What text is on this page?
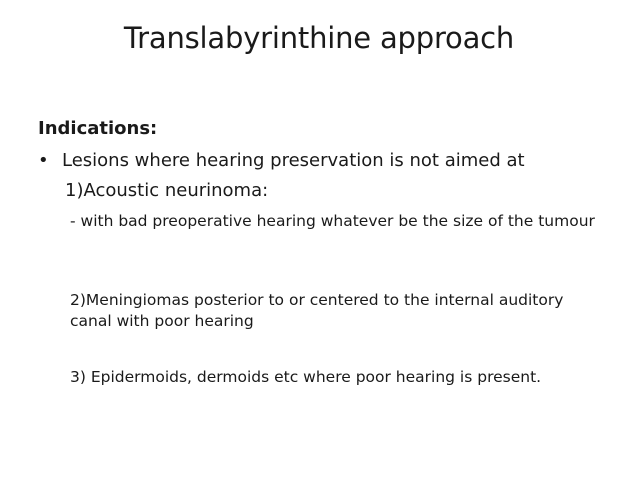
Translabyrinthine approach
Indications:
• Lesions where hearing preservation is not aimed at
1)Acoustic neurinoma:
- with bad preoperative hearing whatever be the size of the tumour
2)Meningiomas posterior to or centered to the internal auditory canal with poor hearing
3) Epidermoids, dermoids etc where poor hearing is present.
